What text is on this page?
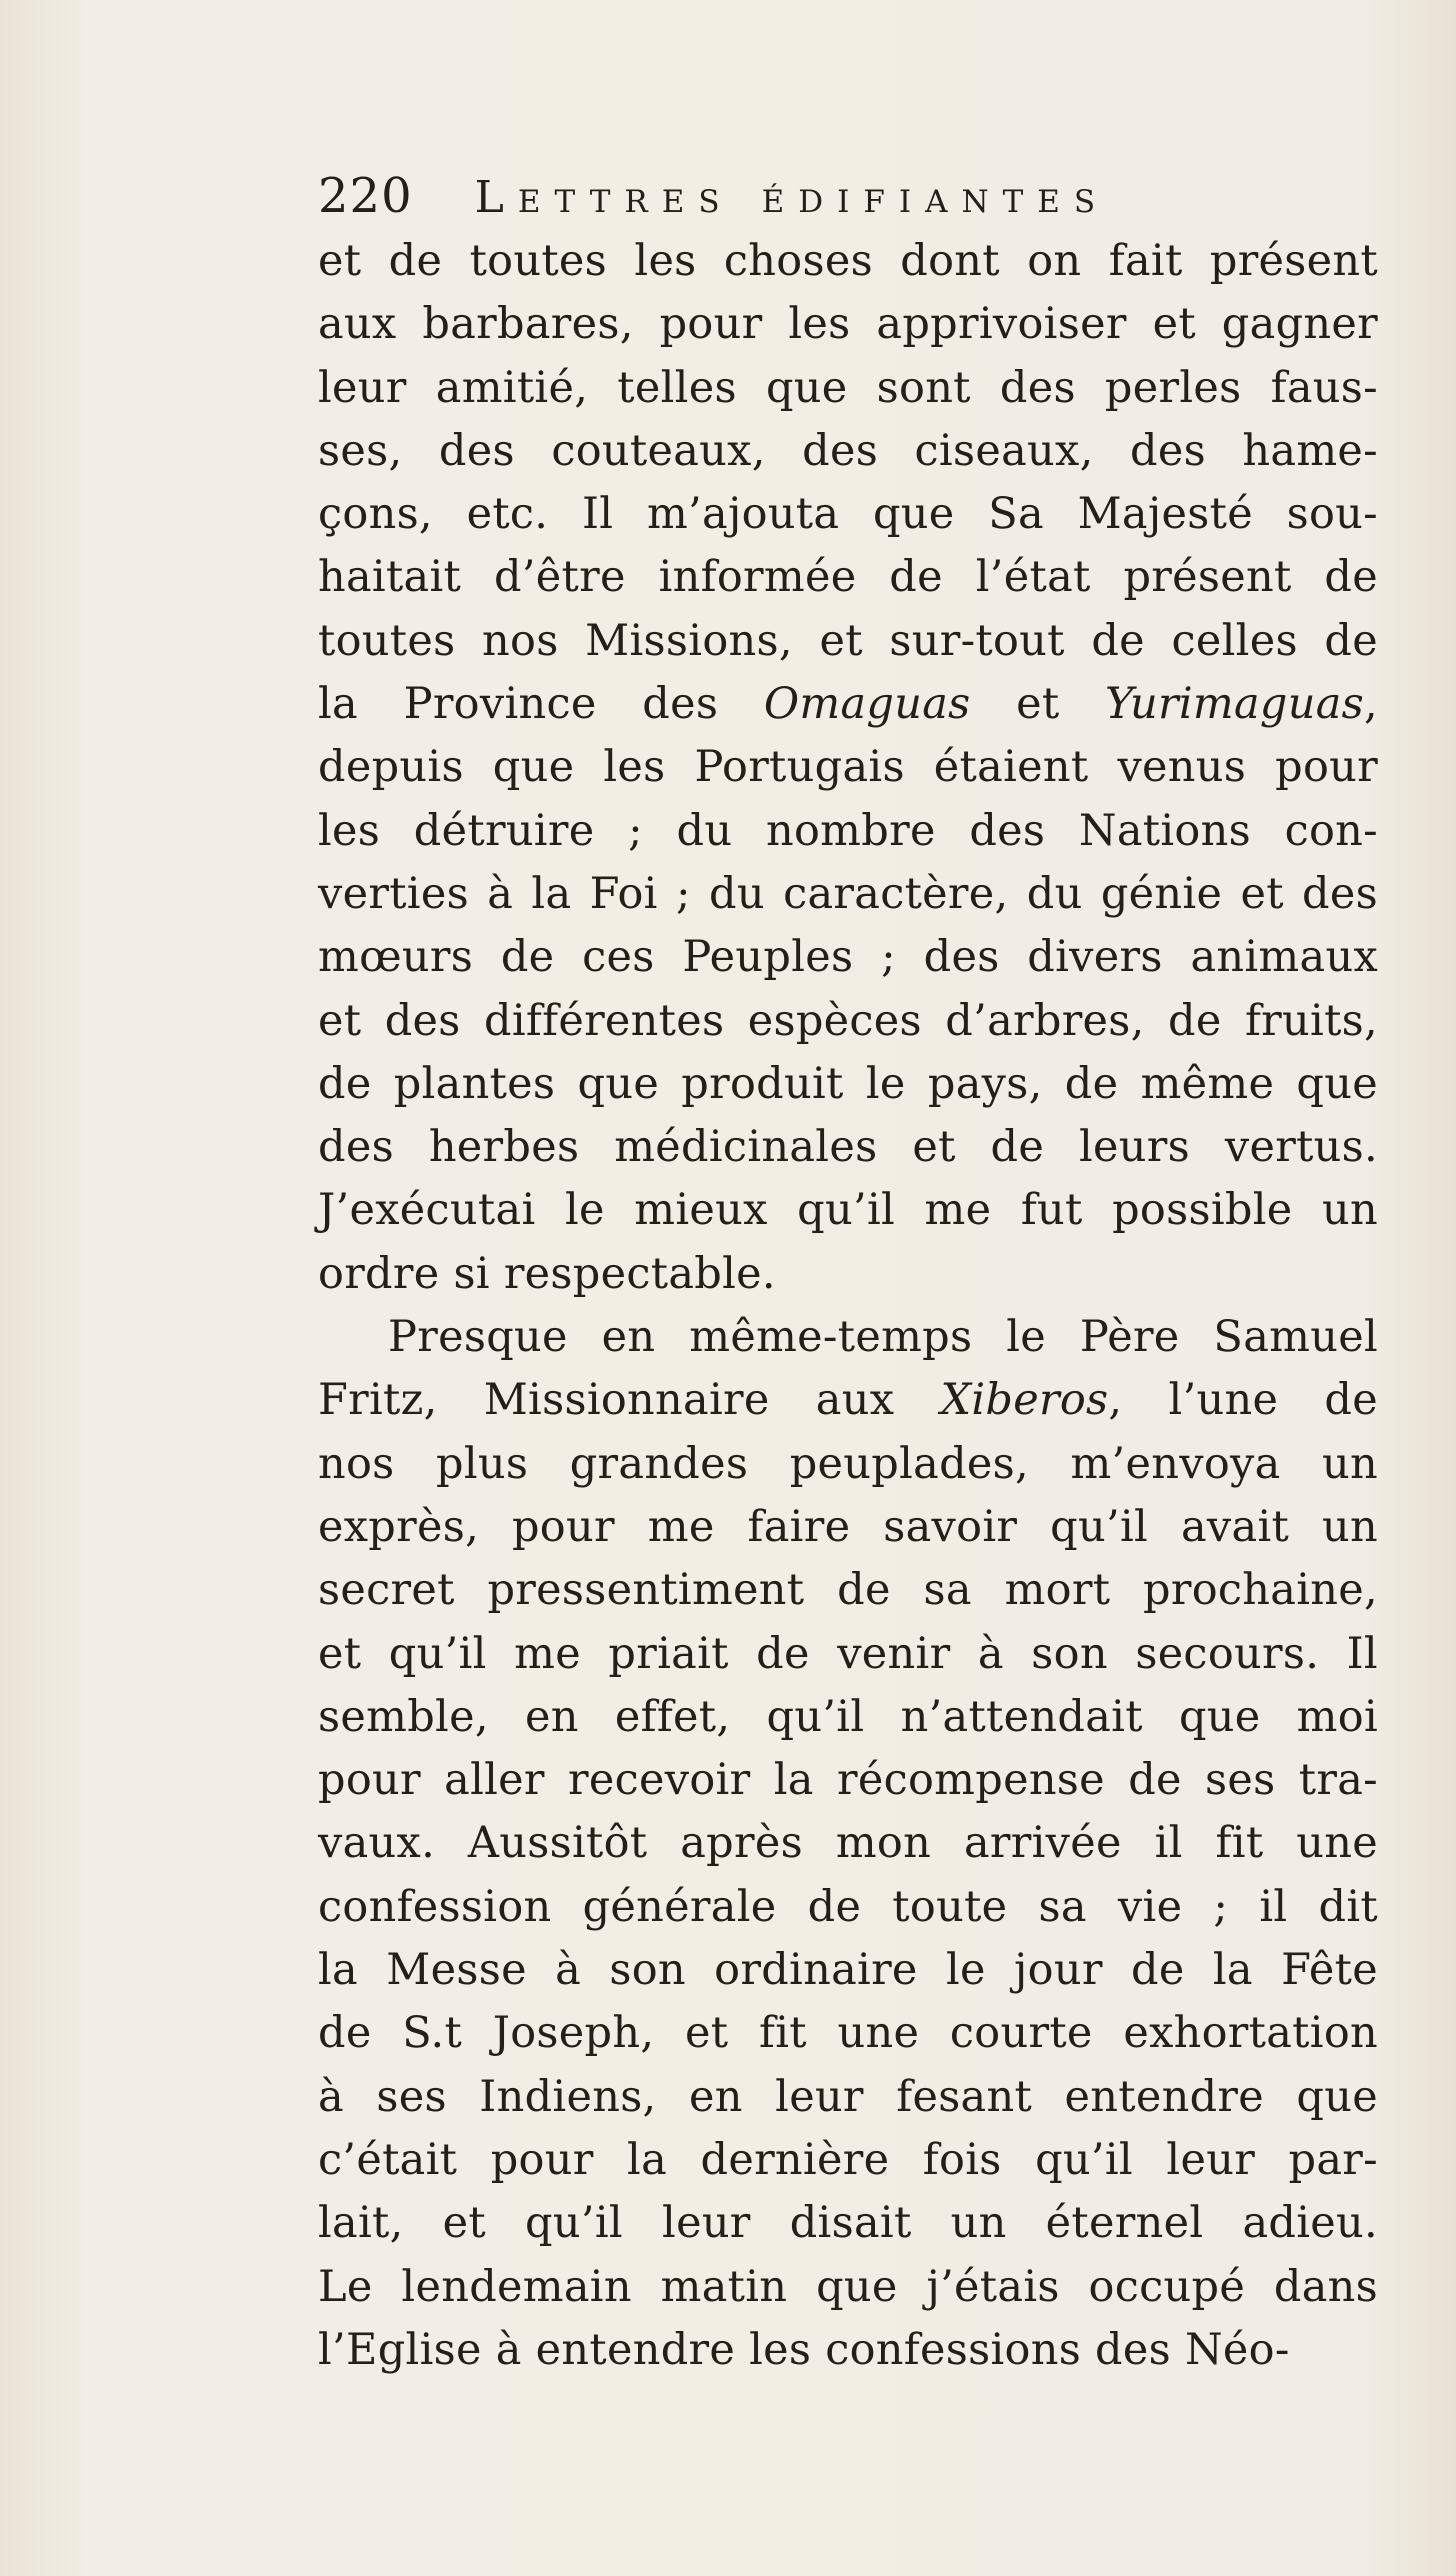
220 Lettres édifiantes
et de toutes les choses dont on fait présent
aux barbares, pour les apprivoiser et gagner
leur amitié, telles que sont des perles faus-
ses, des couteaux, des ciseaux, des hame-
çons, etc. Il m’ajouta que Sa Majesté sou-
haitait d’être informée de l’état présent de
toutes nos Missions, et sur-tout de celles de
la Province des Omaguas et Yurimaguas,
depuis que les Portugais étaient venus pour
les détruire ; du nombre des Nations con-
verties à la Foi ; du caractère, du génie et des
mœurs de ces Peuples ; des divers animaux
et des différentes espèces d’arbres, de fruits,
de plantes que produit le pays, de même que
des herbes médicinales et de leurs vertus.
J’exécutai le mieux qu’il me fut possible un
ordre si respectable.
Presque en même-temps le Père Samuel
Fritz, Missionnaire aux Xiberos, l’une de
nos plus grandes peuplades, m’envoya un
exprès, pour me faire savoir qu’il avait un
secret pressentiment de sa mort prochaine,
et qu’il me priait de venir à son secours. Il
semble, en effet, qu’il n’attendait que moi
pour aller recevoir la récompense de ses tra-
vaux. Aussitôt après mon arrivée il fit une
confession générale de toute sa vie ; il dit
la Messe à son ordinaire le jour de la Fête
de S.t Joseph, et fit une courte exhortation
à ses Indiens, en leur fesant entendre que
c’était pour la dernière fois qu’il leur par-
lait, et qu’il leur disait un éternel adieu.
Le lendemain matin que j’étais occupé dans
l’Eglise à entendre les confessions des Néo-
